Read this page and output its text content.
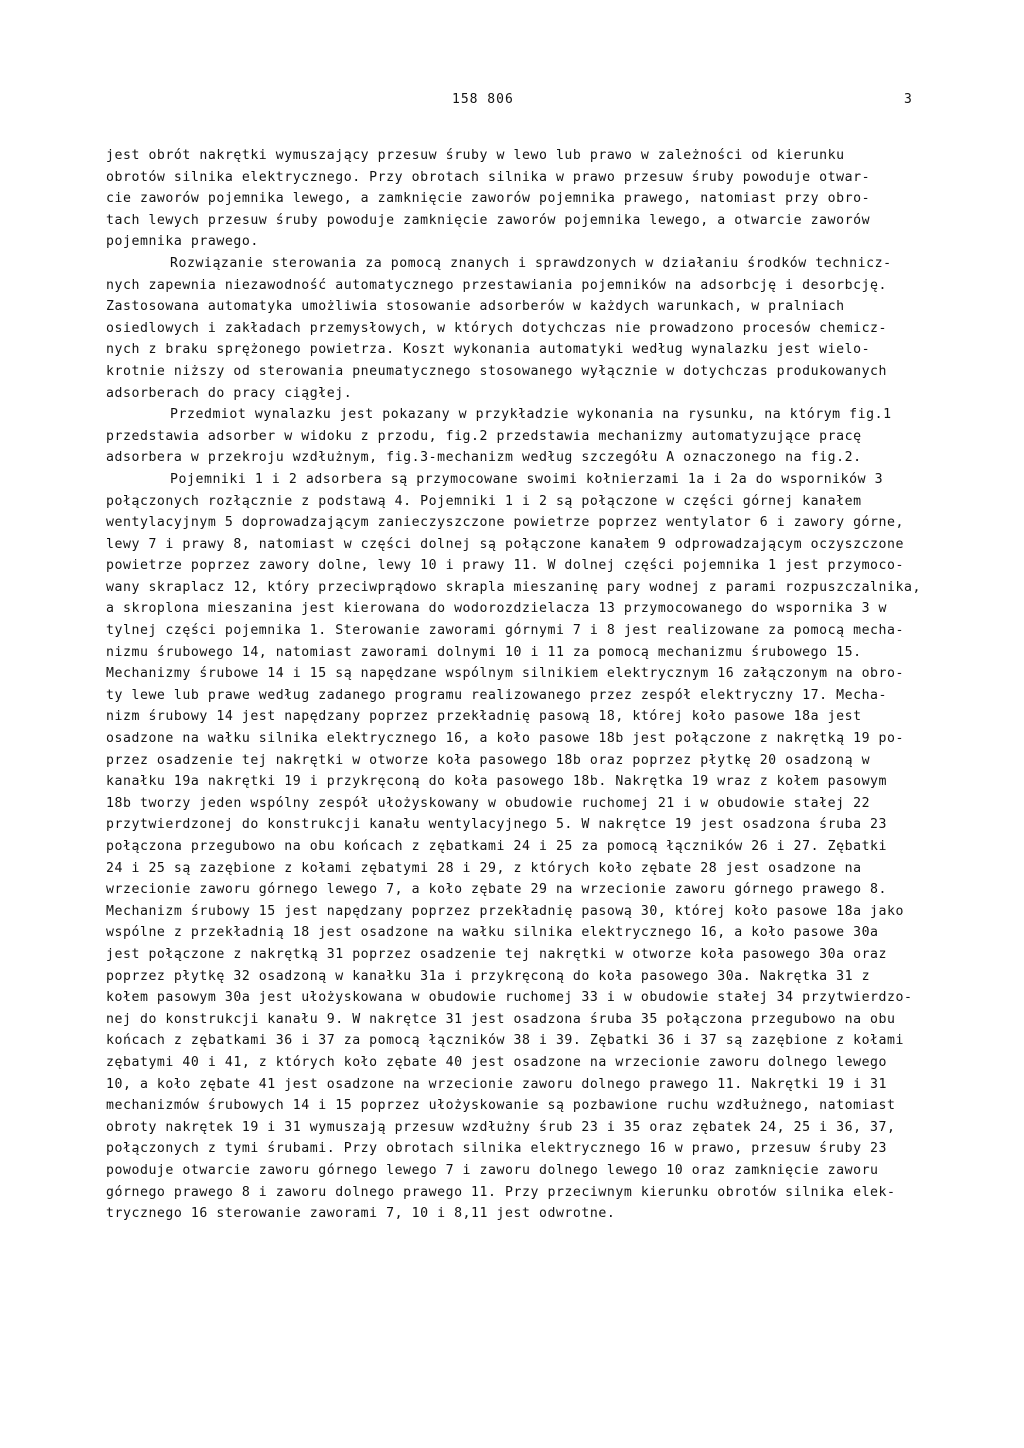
158 806	3
jest obrót nakrętki wymuszający przesuw śruby w lewo lub prawo w zależności od kierunku
obrotów silnika elektrycznego. Przy obrotach silnika w prawo przesuw śruby powoduje otwar-
cie zaworów pojemnika lewego, a zamknięcie zaworów pojemnika prawego, natomiast przy obro-
tach lewych przesuw śruby powoduje zamknięcie zaworów pojemnika lewego, a otwarcie zaworów
pojemnika prawego.
Rozwiązanie sterowania za pomocą znanych i sprawdzonych w działaniu środków technicz-
nych zapewnia niezawodność automatycznego przestawiania pojemników na adsorbcję i desorbcję.
Zastosowana automatyka umożliwia stosowanie adsorberów w każdych warunkach, w pralniach
osiedlowych i zakładach przemysłowych, w których dotychczas nie prowadzono procesów chemicz-
nych z braku sprężonego powietrza. Koszt wykonania automatyki według wynalazku jest wielo-
krotnie niższy od sterowania pneumatycznego stosowanego wyłącznie w dotychczas produkowanych
adsorberach do pracy ciągłej.
Przedmiot wynalazku jest pokazany w przykładzie wykonania na rysunku, na którym fig.1
przedstawia adsorber w widoku z przodu, fig.2 przedstawia mechanizmy automatyzujące pracę
adsorbera w przekroju wzdłużnym, fig.3-mechanizm według szczegółu A oznaczonego na fig.2.
Pojemniki 1 i 2 adsorbera są przymocowane swoimi kołnierzami 1a i 2a do wsporników 3
połączonych rozłącznie z podstawą 4. Pojemniki 1 i 2 są połączone w części górnej kanałem
wentylacyjnym 5 doprowadzającym zanieczyszczone powietrze poprzez wentylator 6 i zawory górne,
lewy 7 i prawy 8, natomiast w części dolnej są połączone kanałem 9 odprowadzającym oczyszczone
powietrze poprzez zawory dolne, lewy 10 i prawy 11. W dolnej części pojemnika 1 jest przymoco-
wany skraplacz 12, który przeciwprądowo skrapla mieszaninę pary wodnej z parami rozpuszczalnika,
a skroplona mieszanina jest kierowana do wodorozdzielacza 13 przymocowanego do wspornika 3 w
tylnej części pojemnika 1. Sterowanie zaworami górnymi 7 i 8 jest realizowane za pomocą mecha-
nizmu śrubowego 14, natomiast zaworami dolnymi 10 i 11 za pomocą mechanizmu śrubowego 15.
Mechanizmy śrubowe 14 i 15 są napędzane wspólnym silnikiem elektrycznym 16 załączonym na obro-
ty lewe lub prawe według zadanego programu realizowanego przez zespół elektryczny 17. Mecha-
nizm śrubowy 14 jest napędzany poprzez przekładnię pasową 18, której koło pasowe 18a jest
osadzone na wałku silnika elektrycznego 16, a koło pasowe 18b jest połączone z nakrętką 19 po-
przez osadzenie tej nakrętki w otworze koła pasowego 18b oraz poprzez płytkę 20 osadzoną w
kanałku 19a nakrętki 19 i przykręconą do koła pasowego 18b. Nakrętka 19 wraz z kołem pasowym
18b tworzy jeden wspólny zespół ułożyskowany w obudowie ruchomej 21 i w obudowie stałej 22
przytwierdzonej do konstrukcji kanału wentylacyjnego 5. W nakrętce 19 jest osadzona śruba 23
połączona przegubowo na obu końcach z zębatkami 24 i 25 za pomocą łączników 26 i 27. Zębatki
24 i 25 są zazębione z kołami zębatymi 28 i 29, z których koło zębate 28 jest osadzone na
wrzecionie zaworu górnego lewego 7, a koło zębate 29 na wrzecionie zaworu górnego prawego 8.
Mechanizm śrubowy 15 jest napędzany poprzez przekładnię pasową 30, której koło pasowe 18a jako
wspólne z przekładnią 18 jest osadzone na wałku silnika elektrycznego 16, a koło pasowe 30a
jest połączone z nakrętką 31 poprzez osadzenie tej nakrętki w otworze koła pasowego 30a oraz
poprzez płytkę 32 osadzoną w kanałku 31a i przykręconą do koła pasowego 30a. Nakrętka 31 z
kołem pasowym 30a jest ułożyskowana w obudowie ruchomej 33 i w obudowie stałej 34 przytwierdzo-
nej do konstrukcji kanału 9. W nakrętce 31 jest osadzona śruba 35 połączona przegubowo na obu
końcach z zębatkami 36 i 37 za pomocą łączników 38 i 39. Zębatki 36 i 37 są zazębione z kołami
zębatymi 40 i 41, z których koło zębate 40 jest osadzone na wrzecionie zaworu dolnego lewego
10, a koło zębate 41 jest osadzone na wrzecionie zaworu dolnego prawego 11. Nakrętki 19 i 31
mechanizmów śrubowych 14 i 15 poprzez ułożyskowanie są pozbawione ruchu wzdłużnego, natomiast
obroty nakrętek 19 i 31 wymuszają przesuw wzdłużny śrub 23 i 35 oraz zębatek 24, 25 i 36, 37,
połączonych z tymi śrubami. Przy obrotach silnika elektrycznego 16 w prawo, przesuw śruby 23
powoduje otwarcie zaworu górnego lewego 7 i zaworu dolnego lewego 10 oraz zamknięcie zaworu
górnego prawego 8 i zaworu dolnego prawego 11. Przy przeciwnym kierunku obrotów silnika elek-
trycznego 16 sterowanie zaworami 7, 10 i 8,11 jest odwrotne.
